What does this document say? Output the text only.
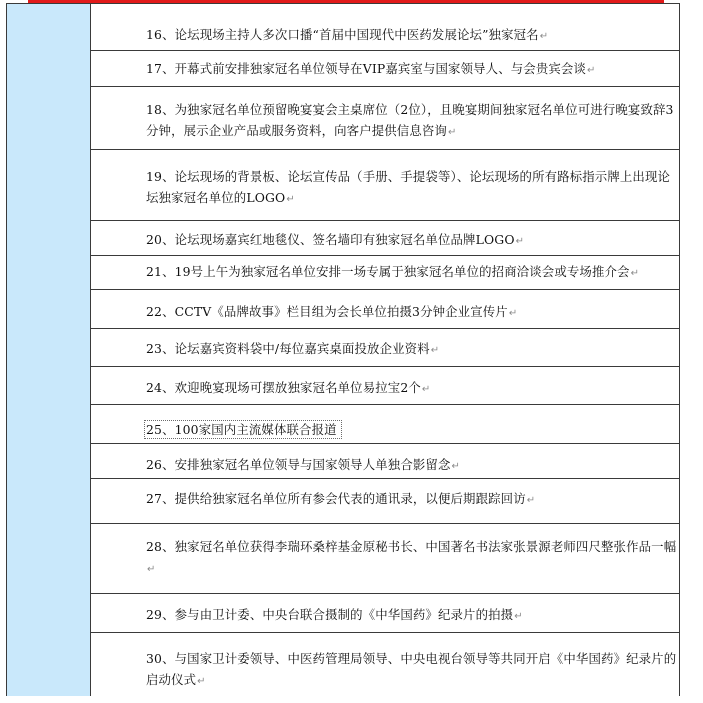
16、论坛现场主持人多次口播“首届中国现代中医药发展论坛”独家冠名↵
17、开幕式前安排独家冠名单位领导在VIP嘉宾室与国家领导人、与会贵宾会谈↵
18、为独家冠名单位预留晚宴宴会主桌席位（2位），且晚宴期间独家冠名单位可进行晚宴致辞3分钟，展示企业产品或服务资料，向客户提供信息咨询↵
19、论坛现场的背景板、论坛宣传品（手册、手提袋等）、论坛现场的所有路标指示牌上出现论坛独家冠名单位的LOGO↵
20、论坛现场嘉宾红地毯仪、签名墙印有独家冠名单位品牌LOGO↵
21、19号上午为独家冠名单位安排一场专属于独家冠名单位的招商洽谈会或专场推介会↵
22、CCTV《品牌故事》栏目组为会长单位拍摄3分钟企业宣传片↵
23、论坛嘉宾资料袋中/每位嘉宾桌面投放企业资料↵
24、欢迎晚宴现场可摆放独家冠名单位易拉宝2个↵
25、100家国内主流媒体联合报道
26、安排独家冠名单位领导与国家领导人单独合影留念↵
27、提供给独家冠名单位所有参会代表的通讯录，以便后期跟踪回访↵
28、独家冠名单位获得李瑞环桑梓基金原秘书长、中国著名书法家张景源老师四尺整张作品一幅↵
29、参与由卫计委、中央台联合摄制的《中华国药》纪录片的拍摄↵
30、与国家卫计委领导、中医药管理局领导、中央电视台领导等共同开启《中华国药》纪录片的启动仪式↵
